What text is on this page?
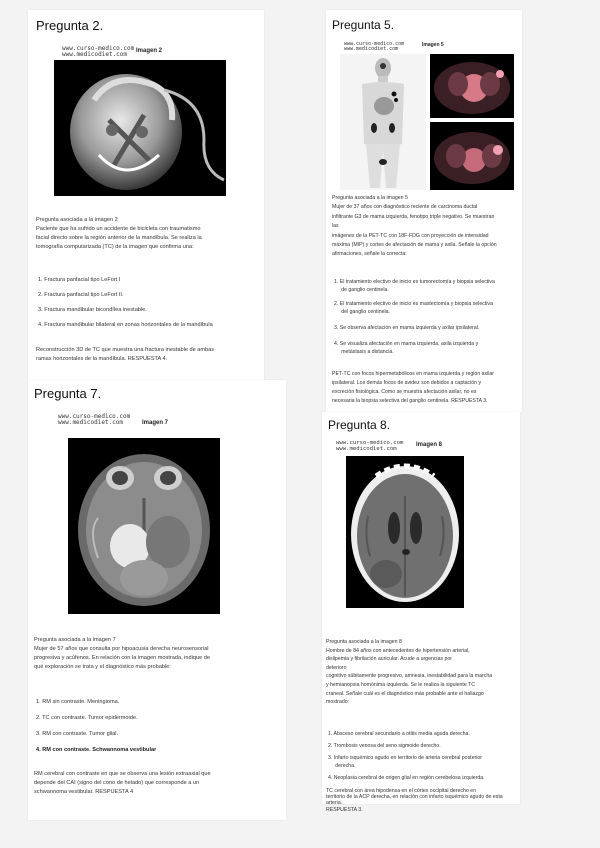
Pregunta 2.
www.curso-medico.com
www.medicodiet.com	Imagen 2

Pregunta asociada a la imagen 2

Paciente que ha sufrido un accidente de bicicleta con traumatismo

facial directo sobre la región anterior de la mandíbula. Se realiza la

tomografía computarizada (TC) de la imagen que confirma una:

1. Fractura panfacial tipo LeFort I
2. Fractura panfacial tipo LeFort II.
3. Fractura mandibular bicondílea inestable.
4. Fractura mandibular bilateral en zonas horizontales de la mandíbula

Reconstrucción 3D de TC que muestra una fractura inestable de ambas

ramas horizontales de la mandíbula. RESPUESTA 4.

Pregunta 5.
www.curso-medico.com
www.medicodiet.com
Imagen 5

Pregunta asociada a la imagen 5

Mujer de 37 años con diagnóstico reciente de carcinoma ductal

infiltrante G3 de mama izquierda, fenotipo triple negativo. Se muestran

las

imágenes de la PET-TC con 18F-FDG con proyección de intensidad

máxima (MIP) y cortes de afectación de mama y axila. Señale la opción

afirmaciones, señale la correcta:

1. El tratamiento electivo de inicio es tumorectomía y biopsia selectiva
de ganglio centinela.
2. El tratamiento electivo de inicio es mastectomía y biopsia selectiva
del ganglio centinela.
3. Se observa afectación en mama izquierda y axilar ipsilateral.
4. Se visualiza afectación en mama izquierda, axila izquierda y
metástasis a distancia.

PET-TC con focos hipermetabólicos en mama izquierda y región axilar

ipsilateral. Los demás focos de avidez son debidos a captación y

excreción fisiológica. Como se muestra afectación axilar, no es

necesaria la biopsia selectiva del ganglio centinela. RESPUESTA 3.

Pregunta 7.
www.curso-medico.com
www.medicodiet.com	Imagen 7

Pregunta asociada a la imagen 7

Mujer de 57 años que consulta por hipoacusia derecha neurosensorial

progresiva y acúfenos. En relación con la imagen mostrada, indique de

qué exploración se trata y el diagnóstico más probable:

1. RM sin contraste. Meningioma.
2. TC con contraste. Tumor epidermoide.
3. RM con contraste. Tumor glial.
4. RM con contraste. Schwannoma vestibular

RM cerebral con contraste en que se observa una lesión extraaxial que

depende del CAI (signo del cono de helado) que corresponde a un

schwannoma vestibular. RESPUESTA 4

Pregunta 8.
www.curso-medico.com
www.medicodiet.com
Imagen 8

Pregunta asociada a la imagen 8

Hombre de 84 años con antecedentes de hipertensión arterial,

dislipemia y fibrilación auricular. Acude a urgencias por

deterioro

cognitivo súbitamente progresivo, amnesia, inestabilidad para la marcha

y hemianopsia homónima izquierda. Se le realiza la siguiente TC

craneal. Señale cuál es el diagnóstico más probable ante el hallazgo

mostrado:

1. Absceso cerebral secundario a otitis media aguda derecha.
2. Trombosis venosa del seno sigmoide derecho.
3. Infarto isquémico agudo en territorio de arteria cerebral posterior
derecha.
4. Neoplasia cerebral de origen glial en región cerebelosa izquierda.

TC cerebral con área hipodensa en el córtex occipital derecho en

territorio de la ACP derecha, en relación con infarto isquémico agudo de esta arteria.

RESPUESTA 3.
